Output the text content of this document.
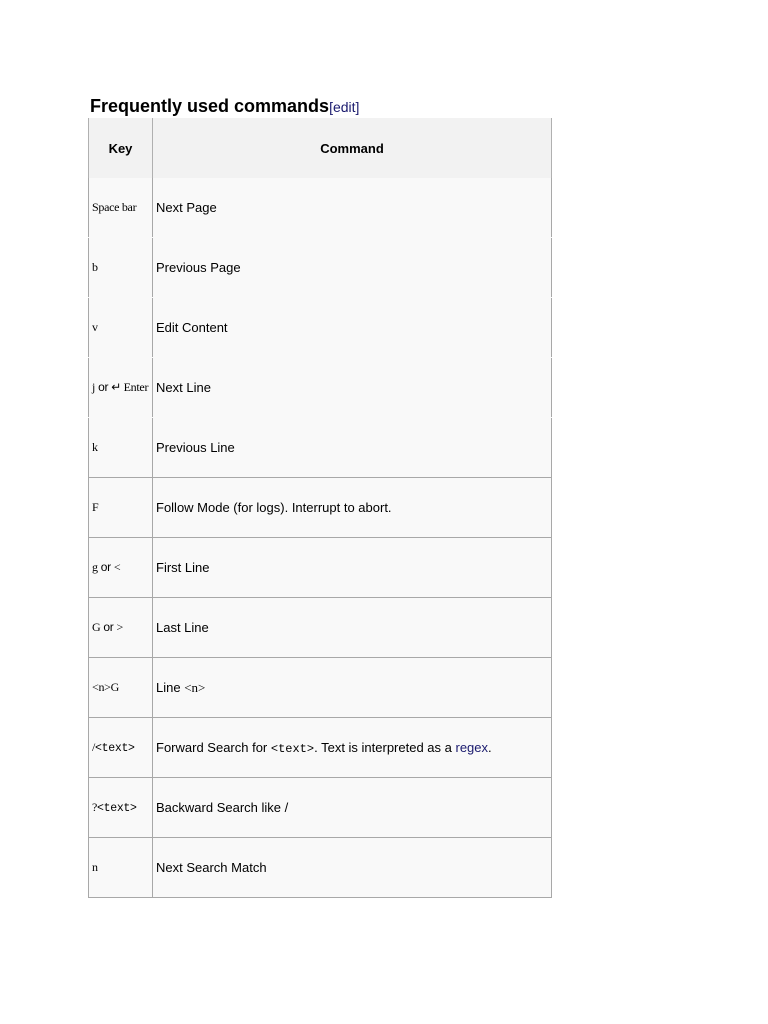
Frequently used commands[edit]
Key	Command
Space bar	Next Page
b	Previous Page
v	Edit Content
j or ↵ Enter	Next Line
k	Previous Line
F	Follow Mode (for logs). Interrupt to abort.
g or <	First Line
G or >	Last Line
<n>G	Line <n>
/<text>	Forward Search for <text>. Text is interpreted as a regex.
?<text>	Backward Search like /
n	Next Search Match
